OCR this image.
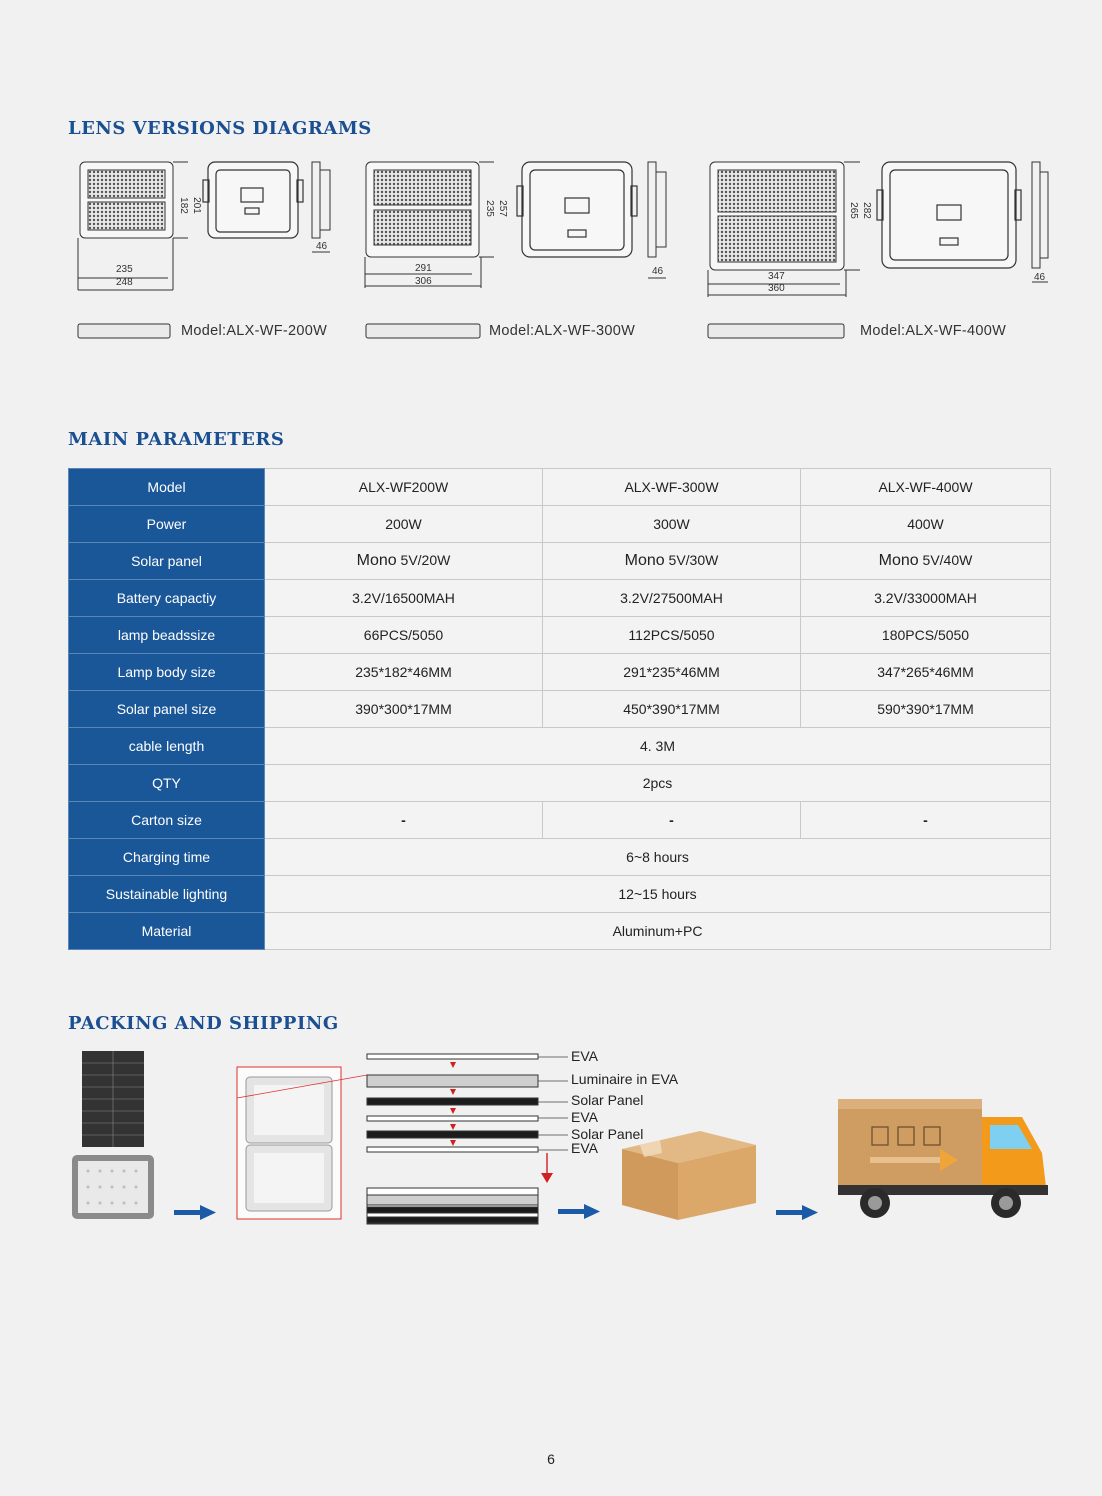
LENS VERSIONS DIAGRAMS
MAIN PARAMETERS
PACKING AND SHIPPING
235
248
201
182
46
291
306
257
235
46	347
360
282
265
46
Model:ALX-WF-200W	Model:ALX-WF-300W	Model:ALX-WF-400W
Model	ALX-WF200W	ALX-WF-300W	ALX-WF-400W
Power	200W	300W	400W
Solar panel	Mono 5V/20W	Mono 5V/30W	Mono 5V/40W
Battery capactiy	3.2V/16500MAH	3.2V/27500MAH	3.2V/33000MAH
lamp beadssize	66PCS/5050	112PCS/5050	180PCS/5050
Lamp body size	235*182*46MM	291*235*46MM	347*265*46MM
Solar panel size	390*300*17MM	450*390*17MM	590*390*17MM
cable length	4. 3M		
QTY	2pcs		
Carton size	-	-	-
Charging time	6~8 hours		
Sustainable lighting	12~15 hours		
Material	Aluminum+PC		
EVA
Luminaire in EVA
Solar Panel
EVA
Solar Panel
EVA
6
